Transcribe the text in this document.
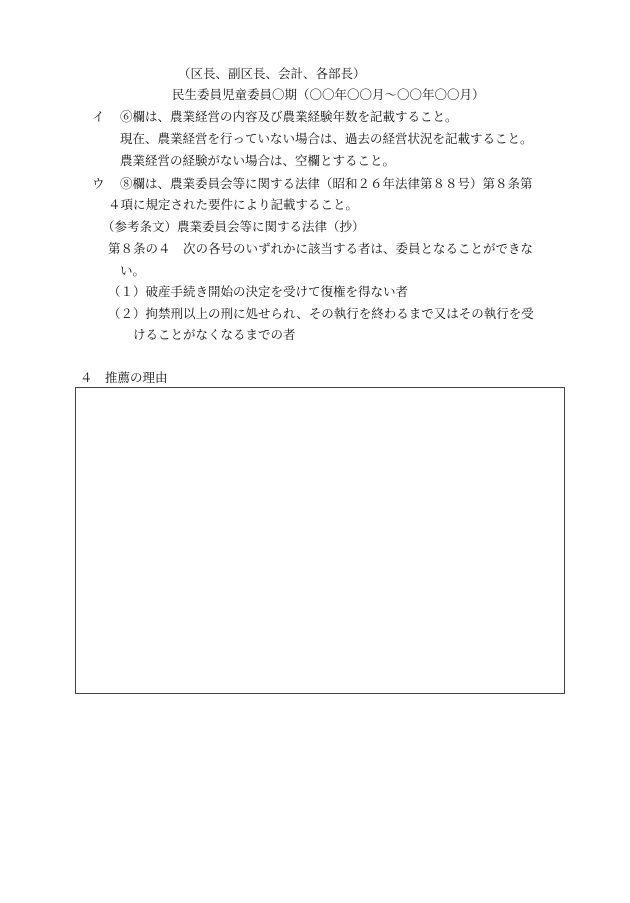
（区長、副区長、会計、各部長）
民生委員児童委員〇期（〇〇年〇〇月～〇〇年〇〇月）
イ ⑥欄は、農業経営の内容及び農業経験年数を記載すること。
現在、農業経営を行っていない場合は、過去の経営状況を記載すること。
農業経営の経験がない場合は、空欄とすること。
ウ ⑧欄は、農業委員会等に関する法律（昭和２６年法律第８８号）第８条第
４項に規定された要件により記載すること。
（参考条文）農業委員会等に関する法律（抄）
第８条の４　次の各号のいずれかに該当する者は、委員となることができな
い。
（１）破産手続き開始の決定を受けて復権を得ない者
（２）拘禁刑以上の刑に処せられ、その執行を終わるまで又はその執行を受
けることがなくなるまでの者
４　推薦の理由
